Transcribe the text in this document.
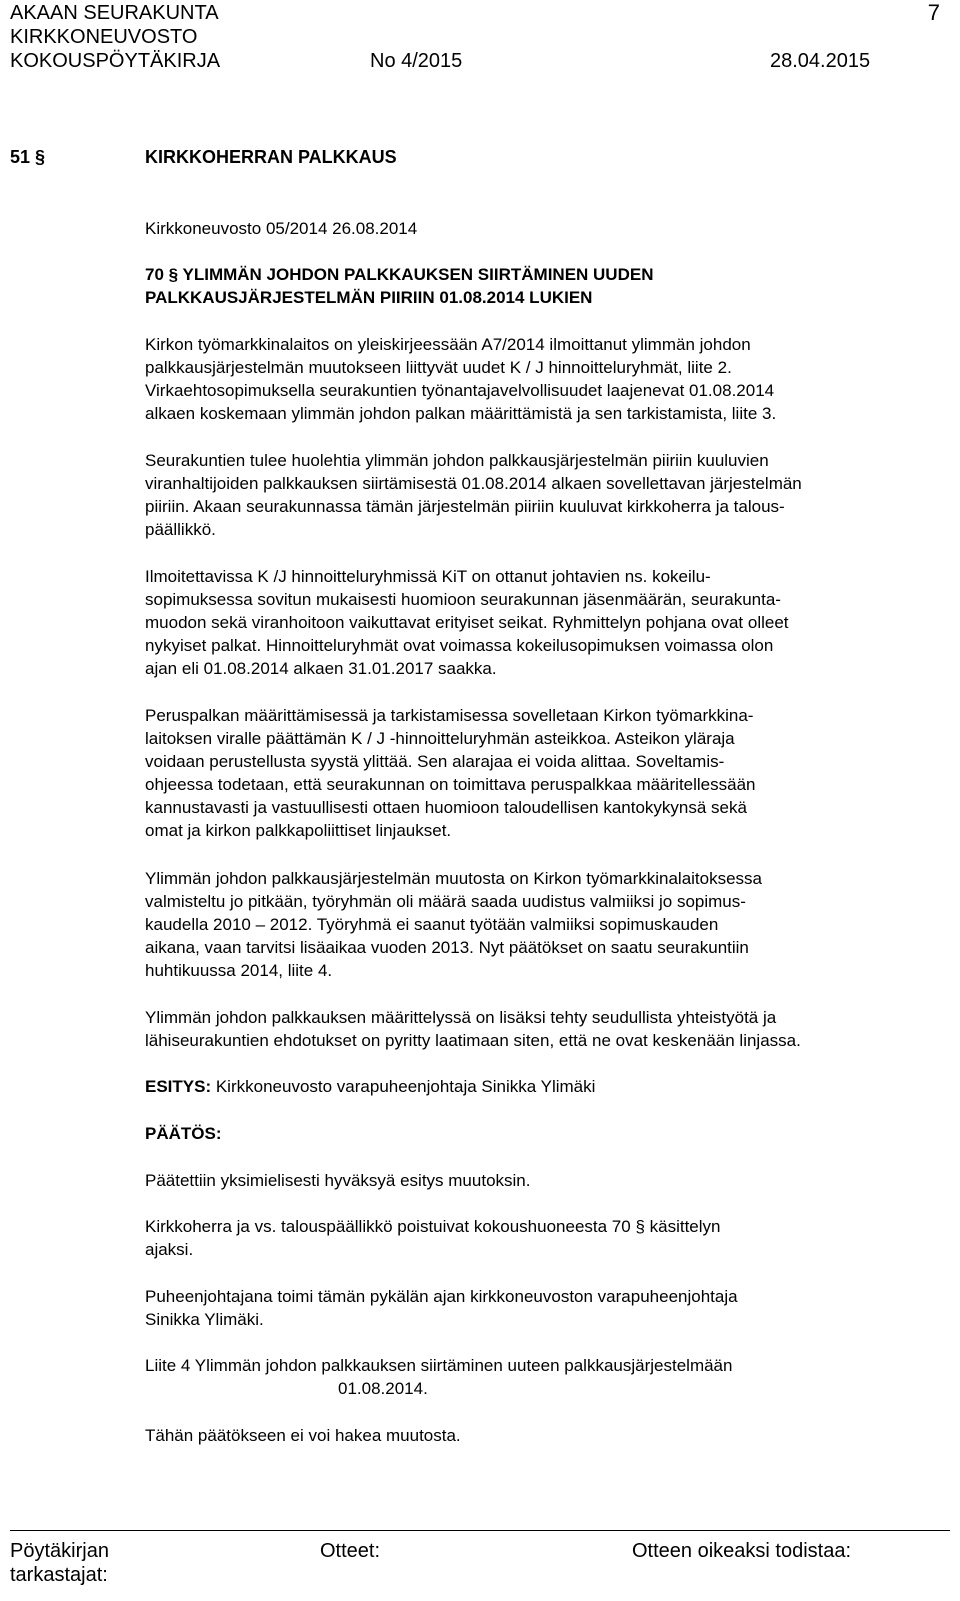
AKAAN SEURAKUNTA
KIRKKONEUVOSTO
KOKOUSPÖYTÄKIRJA	No 4/2015	28.04.2015
7
51 §	KIRKKOHERRAN PALKKAUS
Kirkkoneuvosto 05/2014 26.08.2014
70 § YLIMMÄN JOHDON PALKKAUKSEN SIIRTÄMINEN UUDEN
PALKKAUSJÄRJESTELMÄN PIIRIIN 01.08.2014 LUKIEN
Kirkon työmarkkinalaitos on yleiskirjeessään A7/2014 ilmoittanut ylimmän johdon
palkkausjärjestelmän muutokseen liittyvät uudet K / J hinnoitteluryhmät, liite 2.
Virkaehtosopimuksella seurakuntien työnantajavelvollisuudet laajenevat 01.08.2014
alkaen koskemaan ylimmän johdon palkan määrittämistä ja sen tarkistamista, liite 3.
Seurakuntien tulee huolehtia ylimmän johdon palkkausjärjestelmän piiriin kuuluvien
viranhaltijoiden palkkauksen siirtämisestä 01.08.2014 alkaen sovellettavan järjestelmän
piiriin. Akaan seurakunnassa tämän järjestelmän piiriin kuuluvat kirkkoherra ja talous-
päällikkö.
Ilmoitettavissa K /J hinnoitteluryhmissä KiT on ottanut johtavien ns. kokeilu-
sopimuksessa sovitun mukaisesti huomioon seurakunnan jäsenmäärän, seurakunta-
muodon sekä viranhoitoon vaikuttavat erityiset seikat. Ryhmittelyn pohjana ovat olleet
nykyiset palkat. Hinnoitteluryhmät ovat voimassa kokeilusopimuksen voimassa olon
ajan eli 01.08.2014 alkaen 31.01.2017 saakka.
Peruspalkan määrittämisessä ja tarkistamisessa sovelletaan Kirkon työmarkkina-
laitoksen viralle päättämän K / J -hinnoitteluryhmän asteikkoa. Asteikon yläraja
voidaan perustellusta syystä ylittää. Sen alarajaa ei voida alittaa. Soveltamis-
ohjeessa todetaan, että seurakunnan on toimittava peruspalkkaa määritellessään
kannustavasti ja vastuullisesti ottaen huomioon taloudellisen kantokykynsä sekä
omat ja kirkon palkkapoliittiset linjaukset.
Ylimmän johdon palkkausjärjestelmän muutosta on Kirkon työmarkkinalaitoksessa
valmisteltu jo pitkään, työryhmän oli määrä saada uudistus valmiiksi jo sopimus-
kaudella 2010 – 2012. Työryhmä ei saanut työtään valmiiksi sopimuskauden
aikana, vaan tarvitsi lisäaikaa vuoden 2013. Nyt päätökset on saatu seurakuntiin
huhtikuussa 2014, liite 4.
Ylimmän johdon palkkauksen määrittelyssä on lisäksi tehty seudullista yhteistyötä ja
lähiseurakuntien ehdotukset on pyritty laatimaan siten, että ne ovat keskenään linjassa.
ESITYS: Kirkkoneuvosto varapuheenjohtaja Sinikka Ylimäki
PÄÄTÖS:
Päätettiin yksimielisesti hyväksyä esitys muutoksin.
Kirkkoherra ja vs. talouspäällikkö poistuivat kokoushuoneesta 70 § käsittelyn
ajaksi.
Puheenjohtajana toimi tämän pykälän ajan kirkkoneuvoston varapuheenjohtaja
Sinikka Ylimäki.
Liite 4 Ylimmän johdon palkkauksen siirtäminen uuteen palkkausjärjestelmään
01.08.2014.
Tähän päätökseen ei voi hakea muutosta.
Pöytäkirjan
tarkastajat:
Otteet:	Otteen oikeaksi todistaa:
